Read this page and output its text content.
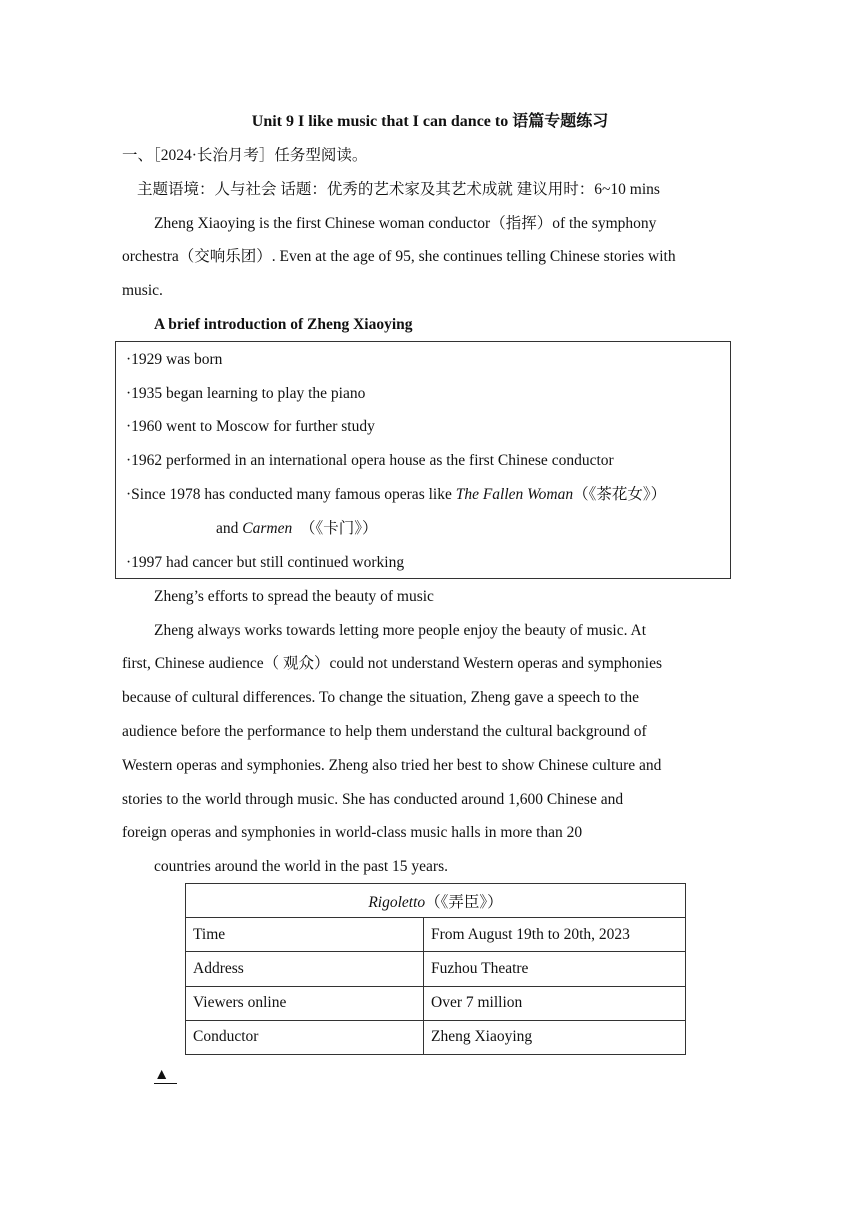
Unit 9 I like music that I can dance to 语篇专题练习
一、［2024·长治月考］任务型阅读。
主题语境：人与社会 话题：优秀的艺术家及其艺术成就 建议用时：6~10 mins
Zheng Xiaoying is the first Chinese woman conductor（指挥）of the symphony
orchestra（交响乐团）. Even at the age of 95, she continues telling Chinese stories with
music.
A brief introduction of Zheng Xiaoying
·1929 was born
·1935 began learning to play the piano
·1960 went to Moscow for further study
·1962 performed in an international opera house as the first Chinese conductor
·Since 1978 has conducted many famous operas like The Fallen Woman（《茶花女》）
and Carmen  （《卡门》）
·1997 had cancer but still continued working
Zheng’s efforts to spread the beauty of music
Zheng always works towards letting more people enjoy the beauty of music. At
first, Chinese audience（ 观众）could not understand Western operas and symphonies
because of cultural differences. To change the situation, Zheng gave a speech to the
audience before the performance to help them understand the cultural background of
Western operas and symphonies. Zheng also tried her best to show Chinese culture and
stories to the world through music. She has conducted around 1,600 Chinese and
foreign operas and symphonies in world-class music halls in more than 20
countries around the world in the past 15 years.
Rigoletto（《弄臣》）	
Time	From August 19th to 20th, 2023
Address	Fuzhou Theatre
Viewers online	Over 7 million
Conductor	Zheng Xiaoying
▲
